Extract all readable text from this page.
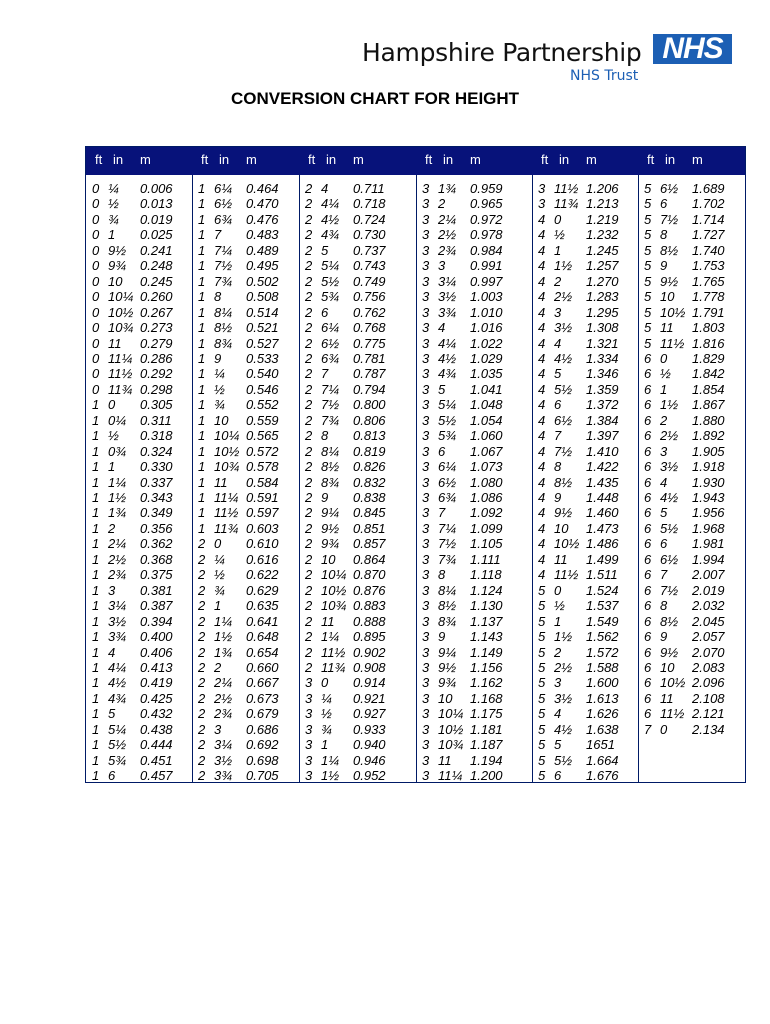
Hampshire Partnership NHS
NHS Trust
CONVERSION CHART FOR HEIGHT
ft in m	ft in m	ft in m	ft in m	ft in m	ft in m
0 ¼ 0.006
0 ½ 0.013
0 ¾ 0.019
0 1 0.025
0 9½ 0.241
0 9¾ 0.248
0 10 0.245
0 10¼ 0.260
0 10½ 0.267
0 10¾ 0.273
0 11 0.279
0 11¼ 0.286
0 11½ 0.292
0 11¾ 0.298
1 0 0.305
1 0¼ 0.311
1 ½ 0.318
1 0¾ 0.324
1 1 0.330
1 1¼ 0.337
1 1½ 0.343
1 1¾ 0.349
1 2 0.356
1 2¼ 0.362
1 2½ 0.368
1 2¾ 0.375
1 3 0.381
1 3¼ 0.387
1 3½ 0.394
1 3¾ 0.400
1 4 0.406
1 4¼ 0.413
1 4½ 0.419
1 4¾ 0.425
1 5 0.432
1 5¼ 0.438
1 5½ 0.444
1 5¾ 0.451
1 6 0.457
1 6¼ 0.464
1 6½ 0.470
1 6¾ 0.476
1 7 0.483
1 7¼ 0.489
1 7½ 0.495
1 7¾ 0.502
1 8 0.508
1 8¼ 0.514
1 8½ 0.521
1 8¾ 0.527
1 9 0.533
1 ¼ 0.540
1 ½ 0.546
1 ¾ 0.552
1 10 0.559
1 10¼ 0.565
1 10½ 0.572
1 10¾ 0.578
1 11 0.584
1 11¼ 0.591
1 11½ 0.597
1 11¾ 0.603
2 0 0.610
2 ¼ 0.616
2 ½ 0.622
2 ¾ 0.629
2 1 0.635
2 1¼ 0.641
2 1½ 0.648
2 1¾ 0.654
2 2 0.660
2 2¼ 0.667
2 2½ 0.673
2 2¾ 0.679
2 3 0.686
2 3¼ 0.692
2 3½ 0.698
2 3¾ 0.705
2 4 0.711
2 4¼ 0.718
2 4½ 0.724
2 4¾ 0.730
2 5 0.737
2 5¼ 0.743
2 5½ 0.749
2 5¾ 0.756
2 6 0.762
2 6¼ 0.768
2 6½ 0.775
2 6¾ 0.781
2 7 0.787
2 7¼ 0.794
2 7½ 0.800
2 7¾ 0.806
2 8 0.813
2 8¼ 0.819
2 8½ 0.826
2 8¾ 0.832
2 9 0.838
2 9¼ 0.845
2 9½ 0.851
2 9¾ 0.857
2 10 0.864
2 10¼ 0.870
2 10½ 0.876
2 10¾ 0.883
2 11 0.888
2 1¼ 0.895
2 11½ 0.902
2 11¾ 0.908
3 0 0.914
3 ¼ 0.921
3 ½ 0.927
3 ¾ 0.933
3 1 0.940
3 1¼ 0.946
3 1½ 0.952
3 1¾ 0.959
3 2 0.965
3 2¼ 0.972
3 2½ 0.978
3 2¾ 0.984
3 3 0.991
3 3¼ 0.997
3 3½ 1.003
3 3¾ 1.010
3 4 1.016
3 4¼ 1.022
3 4½ 1.029
3 4¾ 1.035
3 5 1.041
3 5¼ 1.048
3 5½ 1.054
3 5¾ 1.060
3 6 1.067
3 6¼ 1.073
3 6½ 1.080
3 6¾ 1.086
3 7 1.092
3 7¼ 1.099
3 7½ 1.105
3 7¾ 1.111
3 8 1.118
3 8¼ 1.124
3 8½ 1.130
3 8¾ 1.137
3 9 1.143
3 9¼ 1.149
3 9½ 1.156
3 9¾ 1.162
3 10 1.168
3 10¼ 1.175
3 10½ 1.181
3 10¾ 1.187
3 11 1.194
3 11¼ 1.200
3 11½ 1.206
3 11¾ 1.213
4 0 1.219
4 ½ 1.232
4 1 1.245
4 1½ 1.257
4 2 1.270
4 2½ 1.283
4 3 1.295
4 3½ 1.308
4 4 1.321
4 4½ 1.334
4 5 1.346
4 5½ 1.359
4 6 1.372
4 6½ 1.384
4 7 1.397
4 7½ 1.410
4 8 1.422
4 8½ 1.435
4 9 1.448
4 9½ 1.460
4 10 1.473
4 10½ 1.486
4 11 1.499
4 11½ 1.511
5 0 1.524
5 ½ 1.537
5 1 1.549
5 1½ 1.562
5 2 1.572
5 2½ 1.588
5 3 1.600
5 3½ 1.613
5 4 1.626
5 4½ 1.638
5 5 1651
5 5½ 1.664
5 6 1.676
5 6½ 1.689
5 6 1.702
5 7½ 1.714
5 8 1.727
5 8½ 1.740
5 9 1.753
5 9½ 1.765
5 10 1.778
5 10½ 1.791
5 11 1.803
5 11½ 1.816
6 0 1.829
6 ½ 1.842
6 1 1.854
6 1½ 1.867
6 2 1.880
6 2½ 1.892
6 3 1.905
6 3½ 1.918
6 4 1.930
6 4½ 1.943
6 5 1.956
6 5½ 1.968
6 6 1.981
6 6½ 1.994
6 7 2.007
6 7½ 2.019
6 8 2.032
6 8½ 2.045
6 9 2.057
6 9½ 2.070
6 10 2.083
6 10½ 2.096
6 11 2.108
6 11½ 2.121
7 0 2.134
